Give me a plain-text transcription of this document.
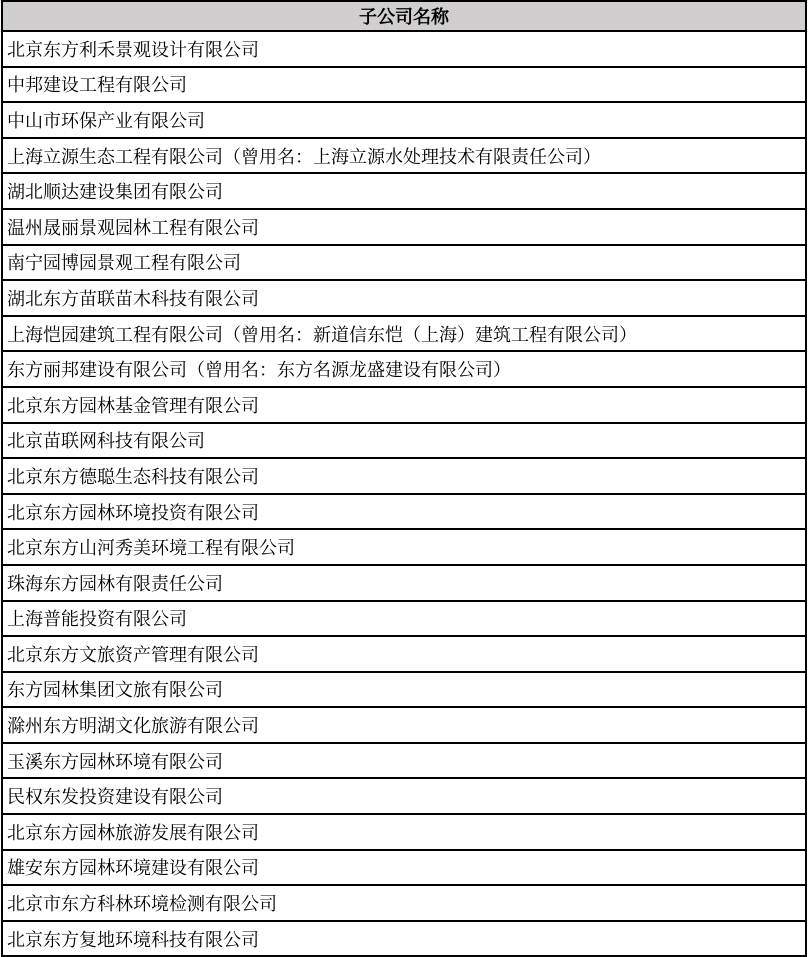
子公司名称
北京东方利禾景观设计有限公司
中邦建设工程有限公司
中山市环保产业有限公司
上海立源生态工程有限公司（曾用名：上海立源水处理技术有限责任公司）
湖北顺达建设集团有限公司
温州晟丽景观园林工程有限公司
南宁园博园景观工程有限公司
湖北东方苗联苗木科技有限公司
上海恺园建筑工程有限公司（曾用名：新道信东恺（上海）建筑工程有限公司）
东方丽邦建设有限公司（曾用名：东方名源龙盛建设有限公司）
北京东方园林基金管理有限公司
北京苗联网科技有限公司
北京东方德聪生态科技有限公司
北京东方园林环境投资有限公司
北京东方山河秀美环境工程有限公司
珠海东方园林有限责任公司
上海普能投资有限公司
北京东方文旅资产管理有限公司
东方园林集团文旅有限公司
滁州东方明湖文化旅游有限公司
玉溪东方园林环境有限公司
民权东发投资建设有限公司
北京东方园林旅游发展有限公司
雄安东方园林环境建设有限公司
北京市东方科林环境检测有限公司
北京东方复地环境科技有限公司
